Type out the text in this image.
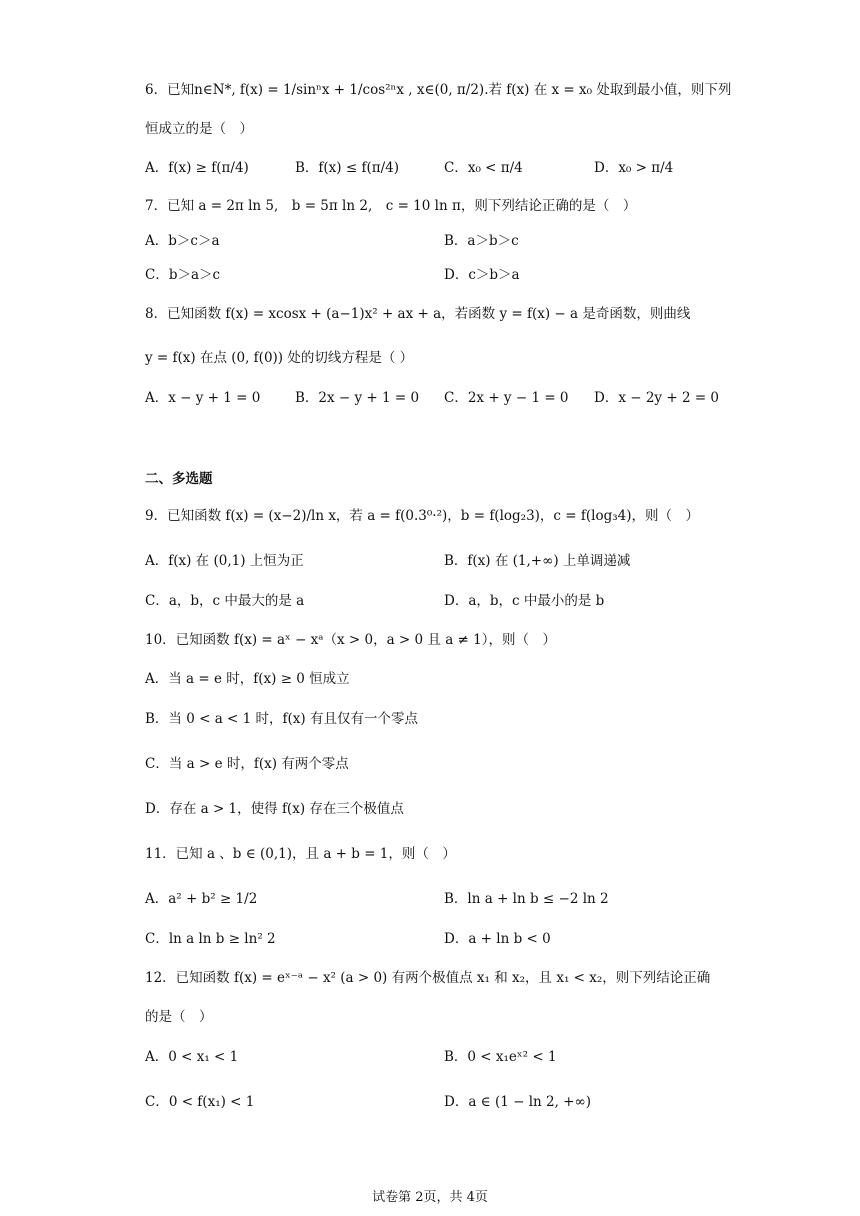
6．已知n∈N*, f(x) = 1/sinⁿx + 1/cos²ⁿx , x∈(0, π/2).若 f(x) 在 x = x₀ 处取到最小值，则下列
恒成立的是（　）
A．f(x) ≥ f(π/4)	B．f(x) ≤ f(π/4)	C．x₀ < π/4	D．x₀ > π/4
7．已知 a = 2π ln 5,　b = 5π ln 2,　c = 10 ln π，则下列结论正确的是（　）
A．b＞c＞a	B．a＞b＞c
C．b＞a＞c	D．c＞b＞a
8．已知函数 f(x) = xcosx + (a−1)x² + ax + a，若函数 y = f(x) − a 是奇函数，则曲线
y = f(x) 在点 (0, f(0)) 处的切线方程是（ ）
A．x − y + 1 = 0	B．2x − y + 1 = 0 C．2x + y − 1 = 0 D．x − 2y + 2 = 0
二、多选题
9．已知函数 f(x) = (x−2)/ln x，若 a = f(0.3⁰·²)，b = f(log₂3)，c = f(log₃4)，则（　）
A．f(x) 在 (0,1) 上恒为正	B．f(x) 在 (1,+∞) 上单调递减
C．a，b，c 中最大的是 a	D．a，b，c 中最小的是 b
10．已知函数 f(x) = aˣ − xᵃ（x > 0，a > 0 且 a ≠ 1），则（　）
A．当 a = e 时，f(x) ≥ 0 恒成立
B．当 0 < a < 1 时，f(x) 有且仅有一个零点
C．当 a > e 时，f(x) 有两个零点
D．存在 a > 1，使得 f(x) 存在三个极值点
11．已知 a 、b ∈ (0,1)，且 a + b = 1，则（　）
A．a² + b² ≥ 1/2	B．ln a + ln b ≤ −2 ln 2
C．ln a ln b ≥ ln² 2	D．a + ln b < 0
12．已知函数 f(x) = eˣ⁻ᵃ − x² (a > 0) 有两个极值点 x₁ 和 x₂，且 x₁ < x₂，则下列结论正确
的是（　）
A．0 < x₁ < 1	B．0 < x₁eˣ² < 1
C．0 < f(x₁) < 1	D．a ∈ (1 − ln 2, +∞)
试卷第 2页，共 4页
